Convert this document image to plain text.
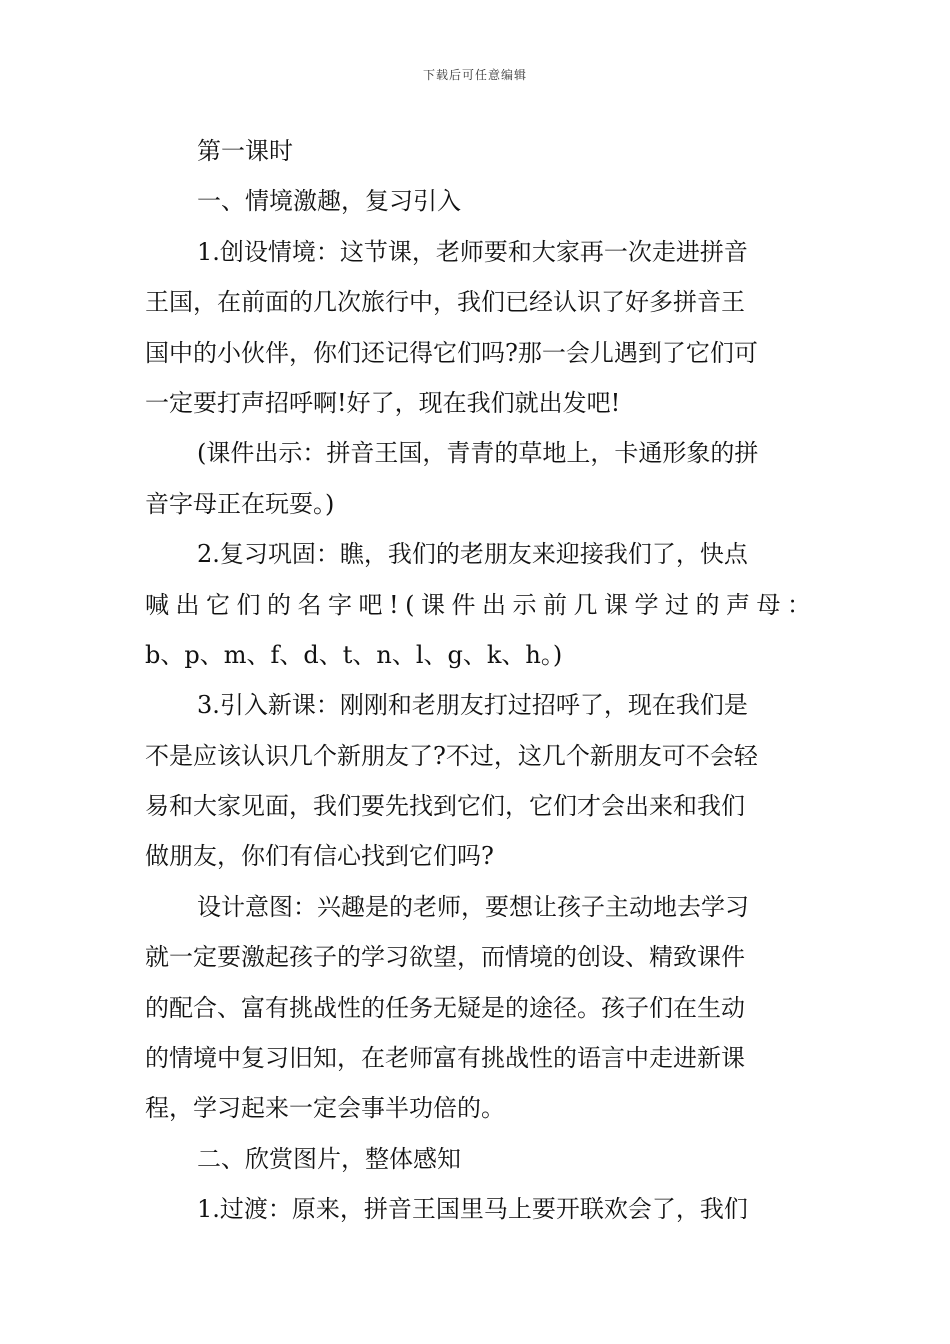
下载后可任意编辑
第一课时
一、情境激趣，复习引入
1.创设情境：这节课，老师要和大家再一次走进拼音
王国，在前面的几次旅行中，我们已经认识了好多拼音王
国中的小伙伴，你们还记得它们吗?那一会儿遇到了它们可
一定要打声招呼啊!好了，现在我们就出发吧!
(课件出示：拼音王国，青青的草地上，卡通形象的拼
音字母正在玩耍。)
2.复习巩固：瞧，我们的老朋友来迎接我们了，快点
喊出它们的名字吧!(课件出示前几课学过的声母：
b、p、m、f、d、t、n、l、g、k、h。)
3.引入新课：刚刚和老朋友打过招呼了，现在我们是
不是应该认识几个新朋友了?不过，这几个新朋友可不会轻
易和大家见面，我们要先找到它们，它们才会出来和我们
做朋友，你们有信心找到它们吗?
设计意图：兴趣是的老师，要想让孩子主动地去学习
就一定要激起孩子的学习欲望，而情境的创设、精致课件
的配合、富有挑战性的任务无疑是的途径。孩子们在生动
的情境中复习旧知，在老师富有挑战性的语言中走进新课
程，学习起来一定会事半功倍的。
二、欣赏图片，整体感知
1.过渡：原来，拼音王国里马上要开联欢会了，我们
